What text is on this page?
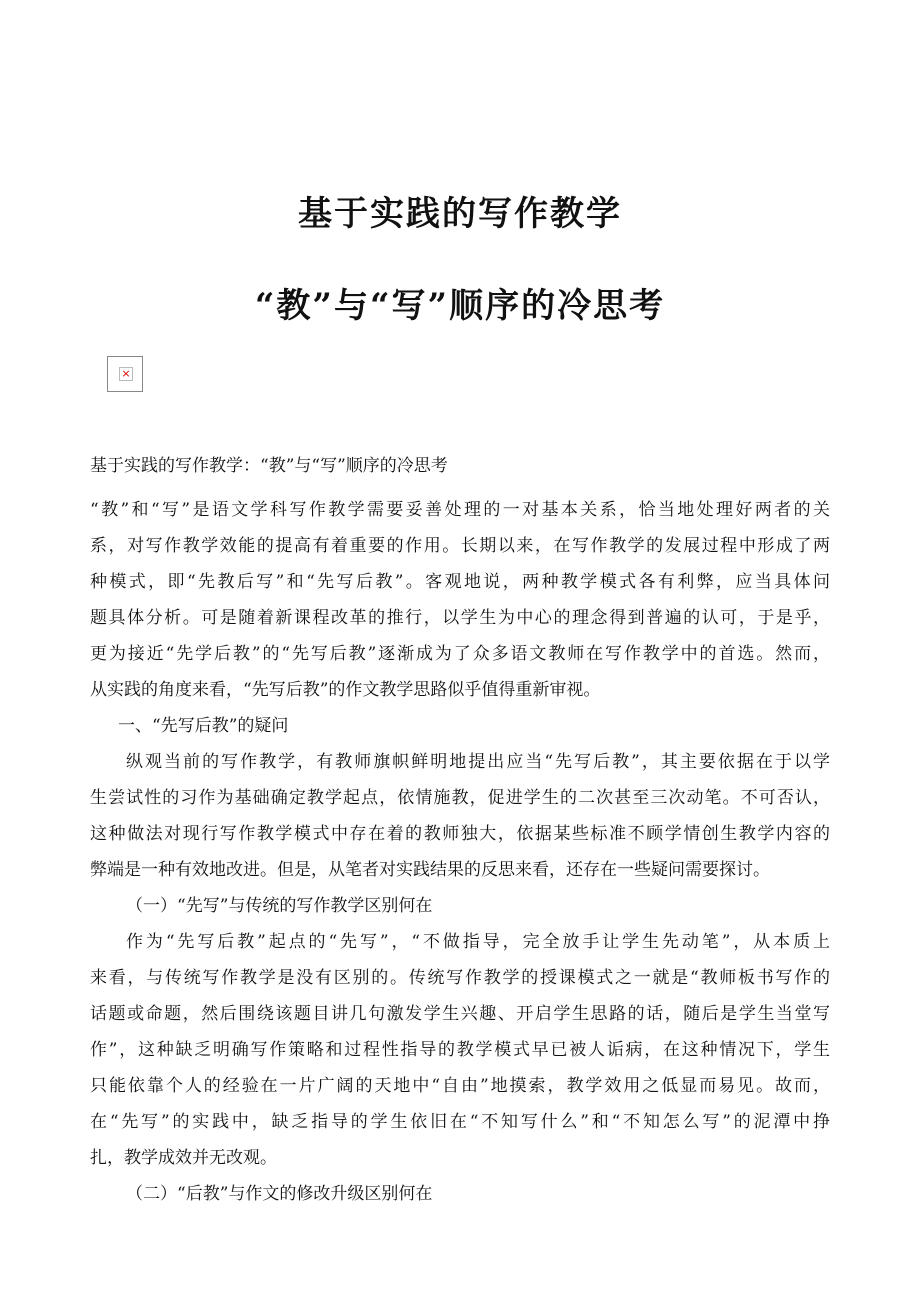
基于实践的写作教学
“教”与“写”顺序的冷思考
×
基于实践的写作教学：“教”与“写”顺序的冷思考
“教”和“写”是语文学科写作教学需要妥善处理的一对基本关系，恰当地处理好两者的关
系，对写作教学效能的提高有着重要的作用。长期以来，在写作教学的发展过程中形成了两
种模式，即“先教后写”和“先写后教”。客观地说，两种教学模式各有利弊，应当具体问
题具体分析。可是随着新课程改革的推行，以学生为中心的理念得到普遍的认可，于是乎，
更为接近“先学后教”的“先写后教”逐渐成为了众多语文教师在写作教学中的首选。然而，
从实践的角度来看，“先写后教”的作文教学思路似乎值得重新审视。
一、“先写后教”的疑问
纵观当前的写作教学，有教师旗帜鲜明地提出应当“先写后教”，其主要依据在于以学
生尝试性的习作为基础确定教学起点，依情施教，促进学生的二次甚至三次动笔。不可否认，
这种做法对现行写作教学模式中存在着的教师独大，依据某些标准不顾学情创生教学内容的
弊端是一种有效地改进。但是，从笔者对实践结果的反思来看，还存在一些疑问需要探讨。
（一）“先写”与传统的写作教学区别何在
作为“先写后教”起点的“先写”，“不做指导，完全放手让学生先动笔”，从本质上
来看，与传统写作教学是没有区别的。传统写作教学的授课模式之一就是“教师板书写作的
话题或命题，然后围绕该题目讲几句激发学生兴趣、开启学生思路的话，随后是学生当堂写
作”，这种缺乏明确写作策略和过程性指导的教学模式早已被人诟病，在这种情况下，学生
只能依靠个人的经验在一片广阔的天地中“自由”地摸索，教学效用之低显而易见。故而，
在“先写”的实践中，缺乏指导的学生依旧在“不知写什么”和“不知怎么写”的泥潭中挣
扎，教学成效并无改观。
（二）“后教”与作文的修改升级区别何在
